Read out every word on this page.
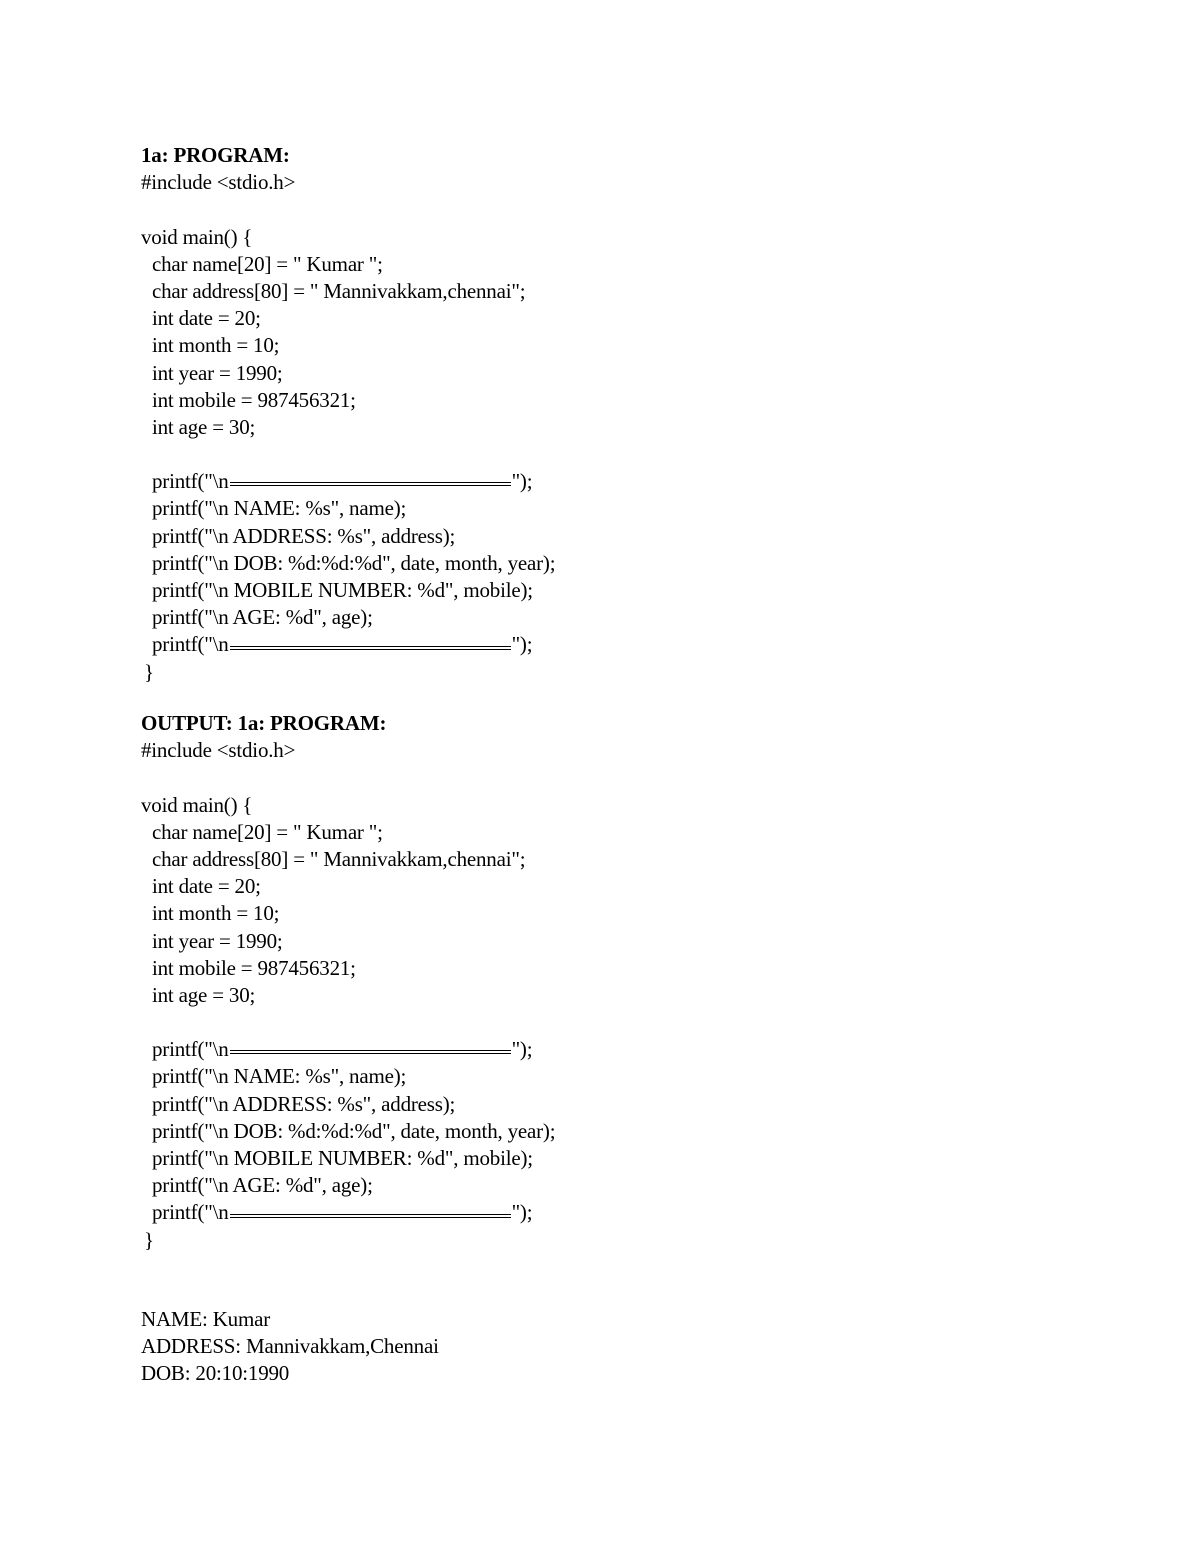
1a: PROGRAM:
#include <stdio.h>
void main() {
char name[20] = " Kumar ";
char address[80] = " Mannivakkam,chennai";
int date = 20;
int month = 10;
int year = 1990;
int mobile = 987456321;
int age = 30;
printf("\n	");
printf("\n NAME: %s", name);
printf("\n ADDRESS: %s", address);
printf("\n DOB: %d:%d:%d", date, month, year);
printf("\n MOBILE NUMBER: %d", mobile);
printf("\n AGE: %d", age);
printf("\n	");
}
OUTPUT: 1a: PROGRAM:
#include <stdio.h>
void main() {
char name[20] = " Kumar ";
char address[80] = " Mannivakkam,chennai";
int date = 20;
int month = 10;
int year = 1990;
int mobile = 987456321;
int age = 30;
printf("\n	");
printf("\n NAME: %s", name);
printf("\n ADDRESS: %s", address);
printf("\n DOB: %d:%d:%d", date, month, year);
printf("\n MOBILE NUMBER: %d", mobile);
printf("\n AGE: %d", age);
printf("\n	");
}
NAME: Kumar
ADDRESS: Mannivakkam,Chennai
DOB: 20:10:1990
